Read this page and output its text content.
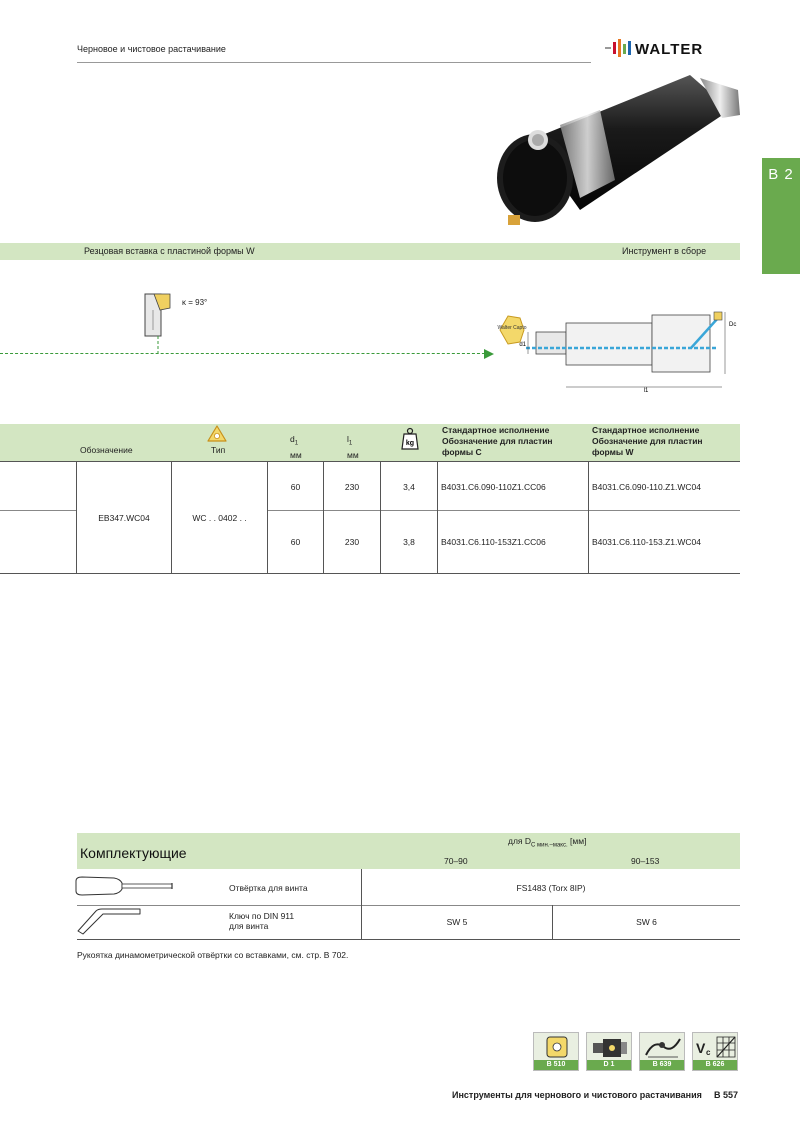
Черновое и чистовое растачивание	WALTER
B 2
Резцовая вставка с пластиной формы W	Инструмент в сборе
κ = 93°
Walter Capto
d1
Dc
l1
Обозначение	Тип
$d_1$
мм
$l_1$
мм
kg
Стандартное исполнение
Обозначение для пластин
формы C
Стандартное исполнение
Обозначение для пластин
формы W
EB347.WC04	WC . . 0402 . .
60	230	3,4	B4031.C6.090-110Z1.CC06	B4031.C6.090-110.Z1.WC04
60	230	3,8	B4031.C6.110-153Z1.CC06	B4031.C6.110-153.Z1.WC04
Комплектующие
для $D_{C мин.-макс.}$ [мм]
70–90	90–153
Отвёртка для винта	FS1483 (Torx 8IP)
Ключ по DIN 911
для винта	SW 5	SW 6
Рукоятка динамометрической отвёртки со вставками, см. стр. B 702.
B 510	D 1	B 639
V c
B 626
Инструменты для чернового и чистового растачивания B 557
